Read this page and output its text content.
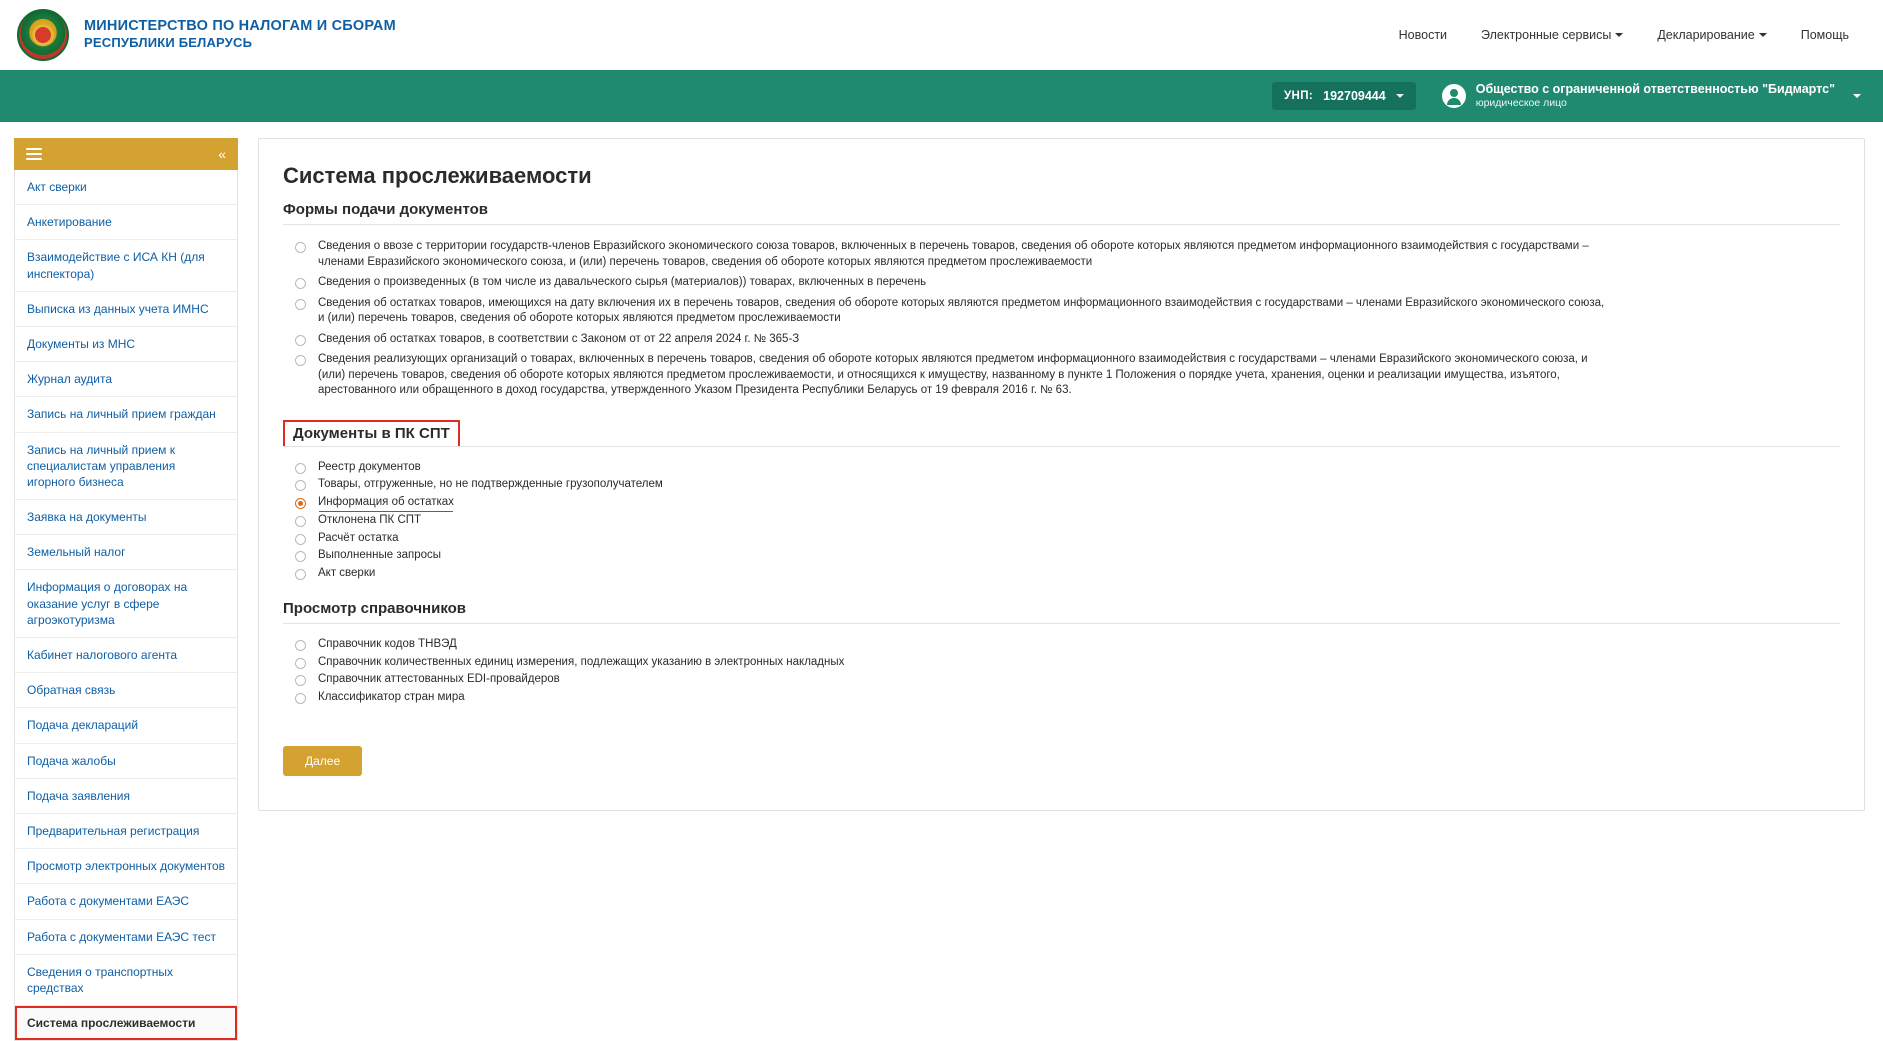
МИНИСТЕРСТВО ПО НАЛОГАМ И СБОРАМ
РЕСПУБЛИКИ БЕЛАРУСЬ
Новости	Электронные сервисы	Декларирование	Помощь
УНП: 192709444	Общество с ограниченной ответственностью "Бидмартс"
юридическое лицо
«
Акт сверки
Анкетирование
Взаимодействие с ИСА КН (для инспектора)
Выписка из данных учета ИМНС
Документы из МНС
Журнал аудита
Запись на личный прием граждан
Запись на личный прием к специалистам управления игорного бизнеса
Заявка на документы
Земельный налог
Информация о договорах на оказание услуг в сфере агроэкотуризма
Кабинет налогового агента
Обратная связь
Подача деклараций
Подача жалобы
Подача заявления
Предварительная регистрация
Просмотр электронных документов
Работа с документами ЕАЭС
Работа с документами ЕАЭС тест
Сведения о транспортных средствах
Система прослеживаемости
Система прослеживаемости
Формы подачи документов
Сведения о ввозе с территории государств-членов Евразийского экономического союза товаров, включенных в перечень товаров, сведения об обороте которых являются предметом информационного взаимодействия с государствами – членами Евразийского экономического союза, и (или) перечень товаров, сведения об обороте которых являются предметом прослеживаемости
Сведения о произведенных (в том числе из давальческого сырья (материалов)) товарах, включенных в перечень
Сведения об остатках товаров, имеющихся на дату включения их в перечень товаров, сведения об обороте которых являются предметом информационного взаимодействия с государствами – членами Евразийского экономического союза, и (или) перечень товаров, сведения об обороте которых являются предметом прослеживаемости
Сведения об остатках товаров, в соответствии с Законом от от 22 апреля 2024 г. № 365-З
Сведения реализующих организаций о товарах, включенных в перечень товаров, сведения об обороте которых являются предметом информационного взаимодействия с государствами – членами Евразийского экономического союза, и (или) перечень товаров, сведения об обороте которых являются предметом прослеживаемости, и относящихся к имуществу, названному в пункте 1 Положения о порядке учета, хранения, оценки и реализации имущества, изъятого, арестованного или обращенного в доход государства, утвержденного Указом Президента Республики Беларусь от 19 февраля 2016 г. № 63.
Документы в ПК СПТ
Реестр документов
Товары, отгруженные, но не подтвержденные грузополучателем
Информация об остатках
Отклонена ПК СПТ
Расчёт остатка
Выполненные запросы
Акт сверки
Просмотр справочников
Справочник кодов ТНВЭД
Справочник количественных единиц измерения, подлежащих указанию в электронных накладных
Справочник аттестованных EDI-провайдеров
Классификатор стран мира
Далее
